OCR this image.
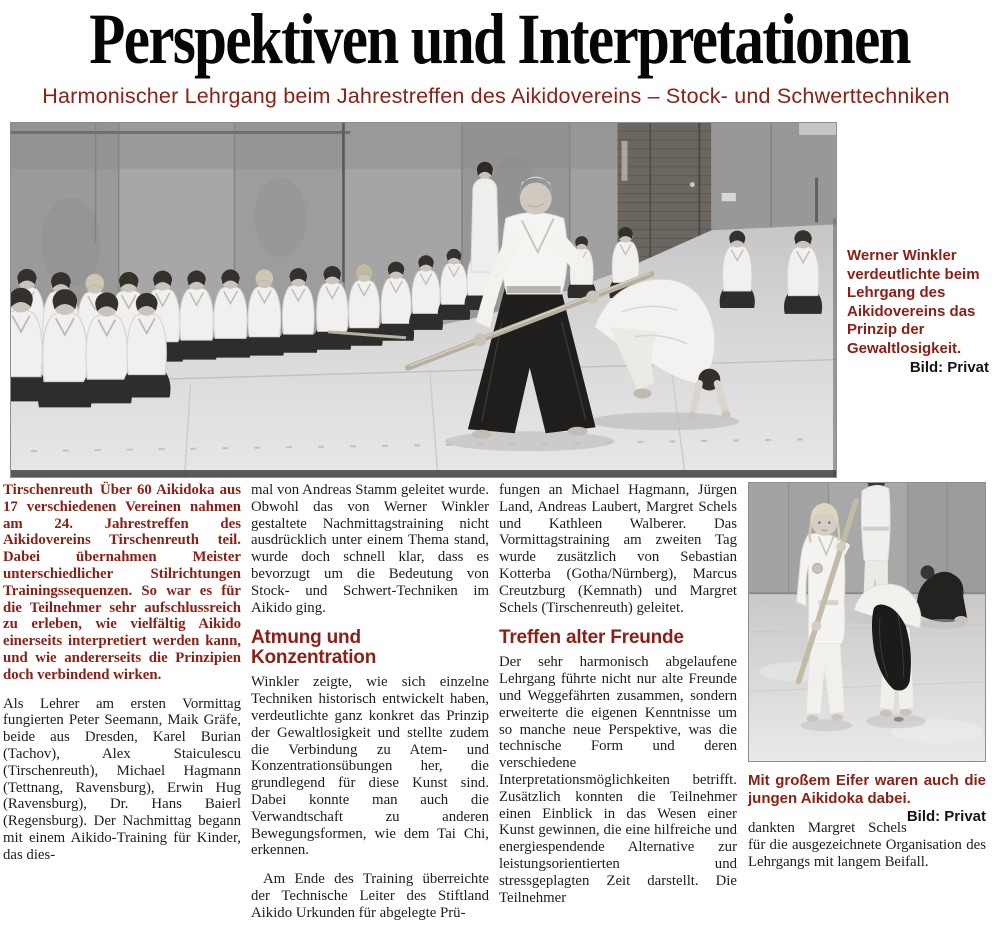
Perspektiven und Interpretationen
Harmonischer Lehrgang beim Jahrestreffen des Aikidovereins – Stock- und Schwerttechniken
Werner Winkler verdeutlichte beim Lehrgang des Aikidovereins das Prinzip der Gewaltlosigkeit.
Bild: Privat

Tirschenreuth Über 60 Aikidoka aus 17 verschiedenen Vereinen nahmen am 24. Jahrestreffen des Aikidovereins Tirschenreuth teil. Dabei übernahmen Meister unterschiedlicher Stilrichtungen Trainingssequenzen. So war es für die Teilnehmer sehr aufschlussreich zu erleben, wie vielfältig Aikido einerseits interpretiert werden kann, und wie andererseits die Prinzipien doch verbindend wirken.

Als Lehrer am ersten Vormittag fungierten Peter Seemann, Maik Gräfe, beide aus Dresden, Karel Burian (Tachov), Alex Staiculescu (Tirschenreuth), Michael Hagmann (Tettnang, Ravensburg), Erwin Hug (Ravensburg), Dr. Hans Baierl (Regensburg). Der Nachmittag begann mit einem Aikido-Training für Kinder, das dies-

mal von Andreas Stamm geleitet wurde. Obwohl das von Werner Winkler gestaltete Nachmittagstraining nicht ausdrücklich unter einem Thema stand, wurde doch schnell klar, dass es bevorzugt um die Bedeutung von Stock- und Schwert-Techniken im Aikido ging.

Atmung und Konzentration

Winkler zeigte, wie sich einzelne Techniken historisch entwickelt haben, verdeutlichte ganz konkret das Prinzip der Gewaltlosigkeit und stellte zudem die Verbindung zu Atem- und Konzentrationsübungen her, die grundlegend für diese Kunst sind. Dabei konnte man auch die Verwandtschaft zu anderen Bewegungsformen, wie dem Tai Chi, erkennen.

Am Ende des Training überreichte der Technische Leiter des Stiftland Aikido Urkunden für abgelegte Prü-

fungen an Michael Hagmann, Jürgen Land, Andreas Laubert, Margret Schels und Kathleen Walberer. Das Vormittagstraining am zweiten Tag wurde zusätzlich von Sebastian Kotterba (Gotha/Nürnberg), Marcus Creutzburg (Kemnath) und Margret Schels (Tirschenreuth) geleitet.

Treffen alter Freunde

Der sehr harmonisch abgelaufene Lehrgang führte nicht nur alte Freunde und Weggefährten zusammen, sondern erweiterte die eigenen Kenntnisse um so manche neue Perspektive, was die technische Form und deren verschiedene Interpretationsmöglichkeiten betrifft. Zusätzlich konnten die Teilnehmer einen Einblick in das Wesen einer Kunst gewinnen, die eine hilfreiche und energiespendende Alternative zur leistungsorientierten und stressgeplagten Zeit darstellt. Die Teilnehmer

Mit großem Eifer waren auch die jungen Aikidoka dabei.
Bild: Privat

dankten Margret Schels für die ausgezeichnete Organisation des Lehrgangs mit langem Beifall.
